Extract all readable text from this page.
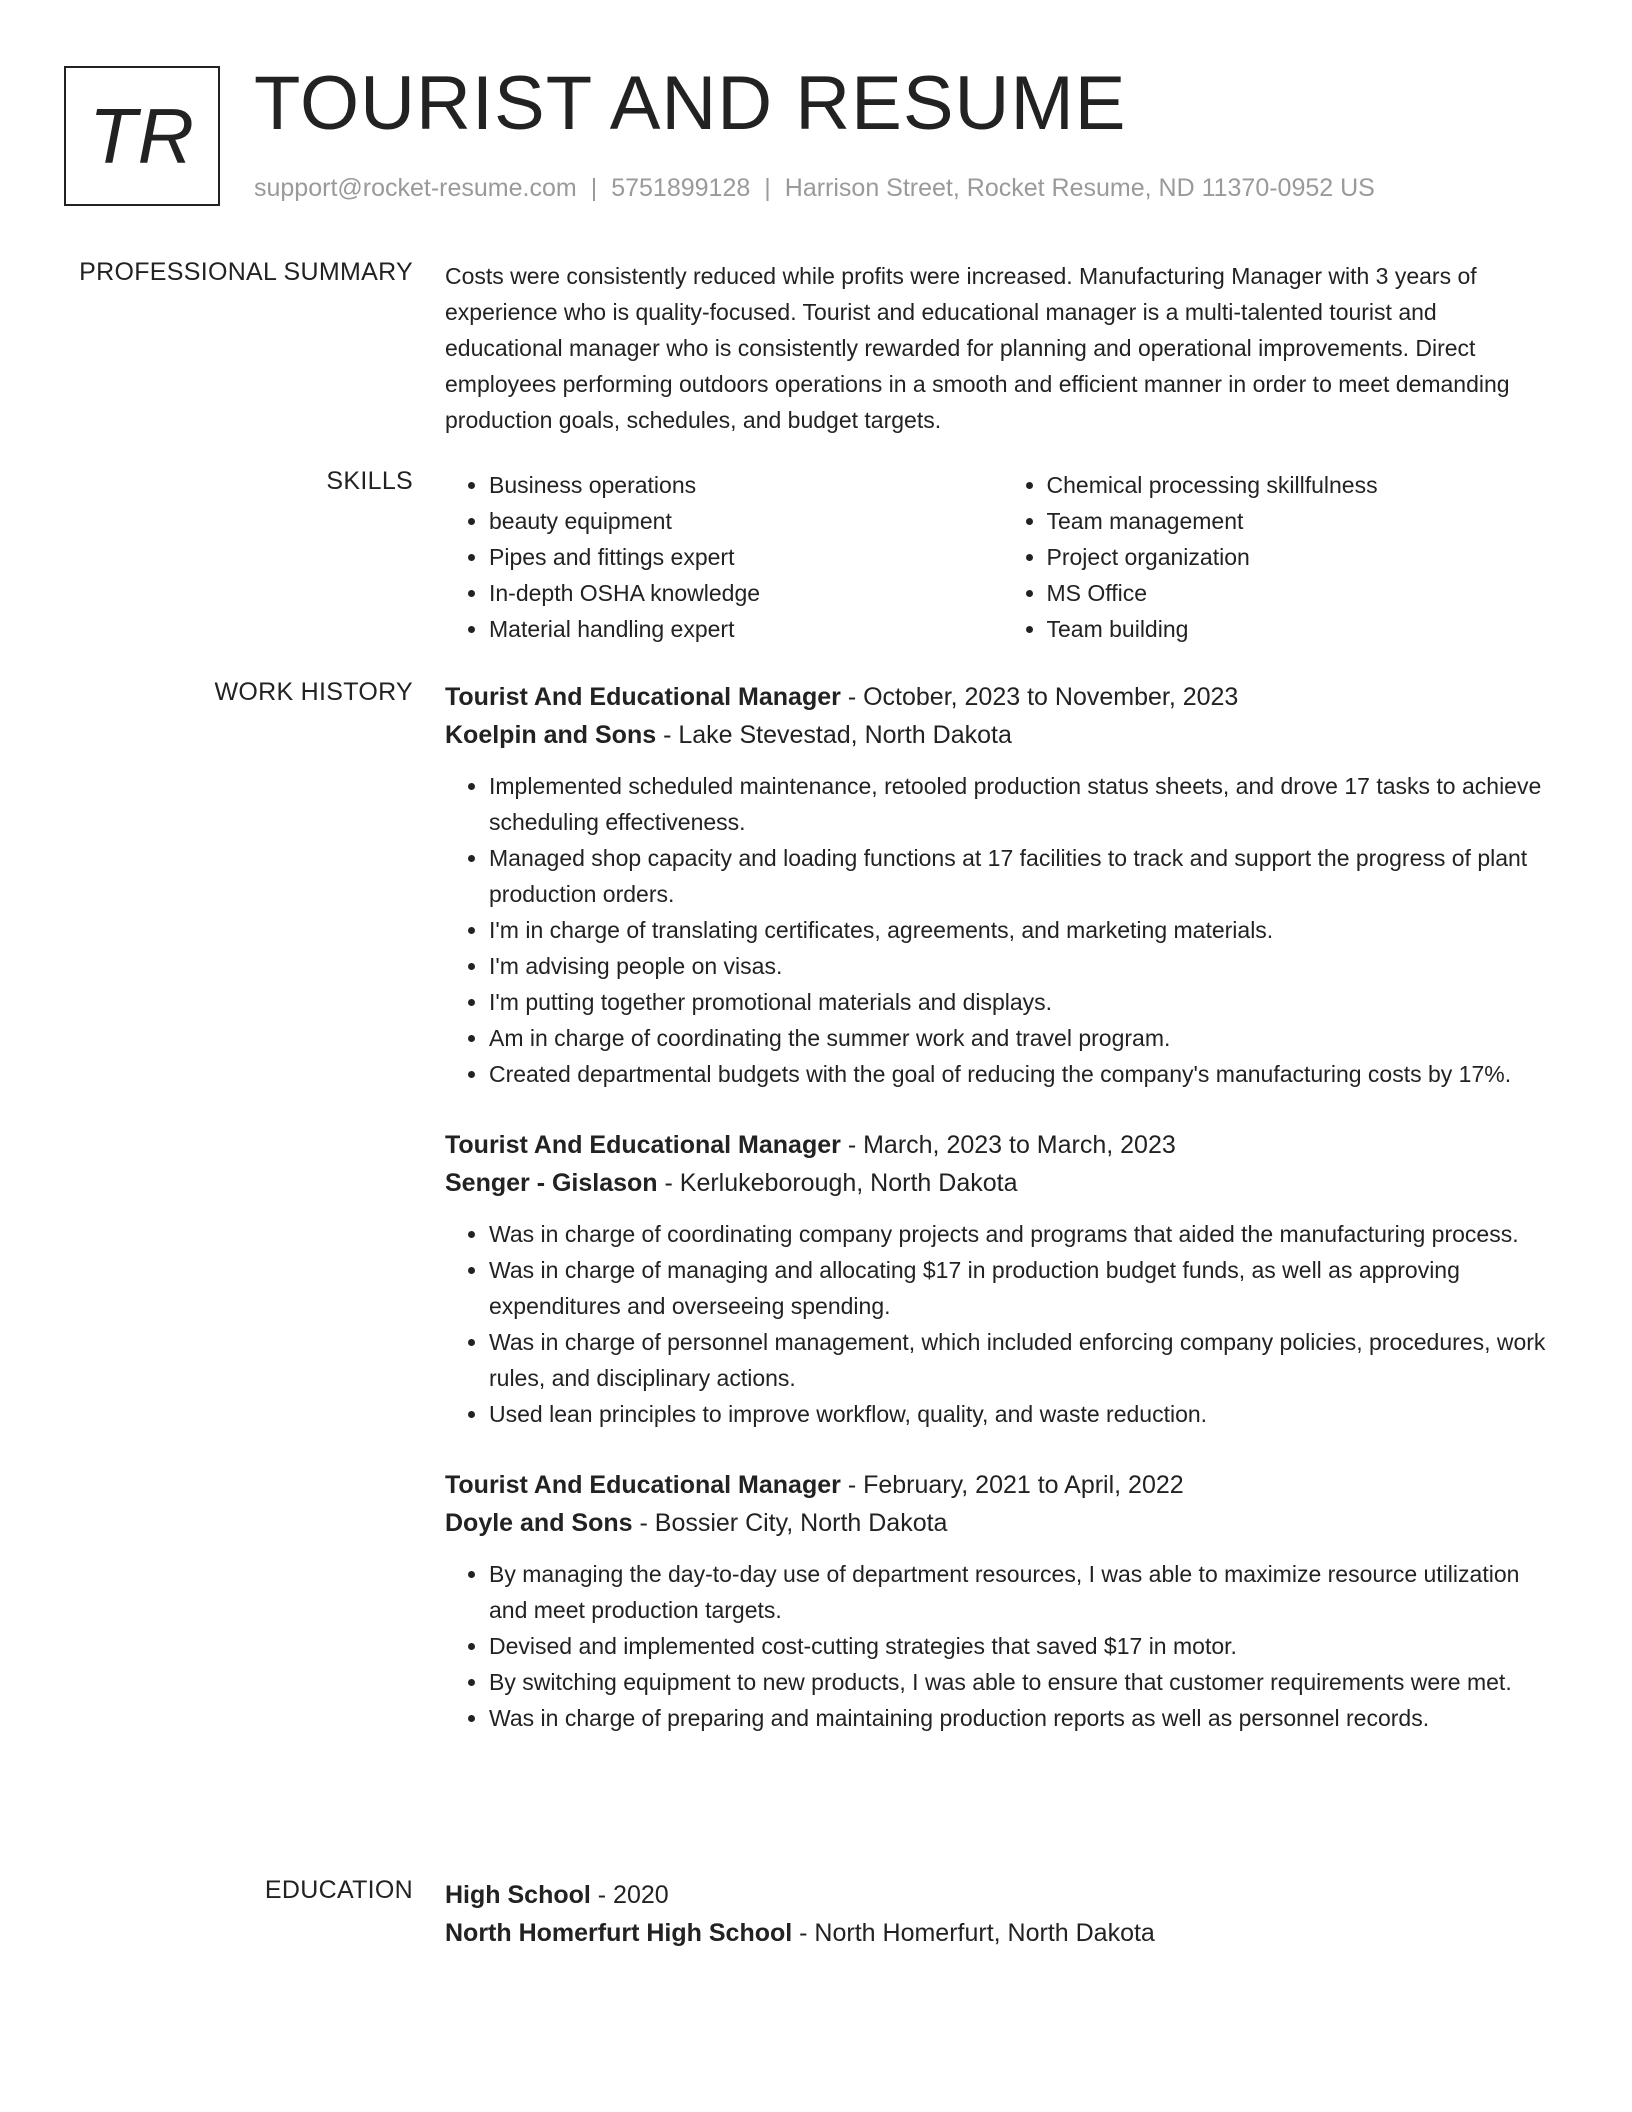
TR TOURIST AND RESUME
support@rocket-resume.com | 5751899128 | Harrison Street, Rocket Resume, ND 11370-0952 US
PROFESSIONAL SUMMARY Costs were consistently reduced while profits were increased. Manufacturing Manager with 3 years of experience who is quality-focused. Tourist and educational manager is a multi-talented tourist and educational manager who is consistently rewarded for planning and operational improvements. Direct employees performing outdoors operations in a smooth and efficient manner in order to meet demanding production goals, schedules, and budget targets.

SKILLS
•	Business operations
• beauty equipment
• Pipes and fittings expert
• In-depth OSHA knowledge
• Material handling expert
• Chemical processing skillfulness
• Team management
• Project organization
• MS Office
• Team building
WORK HISTORY Tourist And Educational Manager - October, 2023 to November, 2023
Koelpin and Sons - Lake Stevestad, North Dakota
• Implemented scheduled maintenance, retooled production status sheets, and drove 17 tasks to achieve scheduling effectiveness.
• Managed shop capacity and loading functions at 17 facilities to track and support the progress of plant production orders.
• I'm in charge of translating certificates, agreements, and marketing materials.
• I'm advising people on visas.
• I'm putting together promotional materials and displays.
• Am in charge of coordinating the summer work and travel program.
• Created departmental budgets with the goal of reducing the company's manufacturing costs by 17%.
Tourist And Educational Manager - March, 2023 to March, 2023
Senger - Gislason - Kerlukeborough, North Dakota
• Was in charge of coordinating company projects and programs that aided the manufacturing process.
• Was in charge of managing and allocating $17 in production budget funds, as well as approving expenditures and overseeing spending.
• Was in charge of personnel management, which included enforcing company policies, procedures, work rules, and disciplinary actions.
• Used lean principles to improve workflow, quality, and waste reduction.
Tourist And Educational Manager - February, 2021 to April, 2022
Doyle and Sons - Bossier City, North Dakota
• By managing the day-to-day use of department resources, I was able to maximize resource utilization and meet production targets.
• Devised and implemented cost-cutting strategies that saved $17 in motor.
• By switching equipment to new products, I was able to ensure that customer requirements were met.
• Was in charge of preparing and maintaining production reports as well as personnel records.
EDUCATION High School - 2020
North Homerfurt High School - North Homerfurt, North Dakota
